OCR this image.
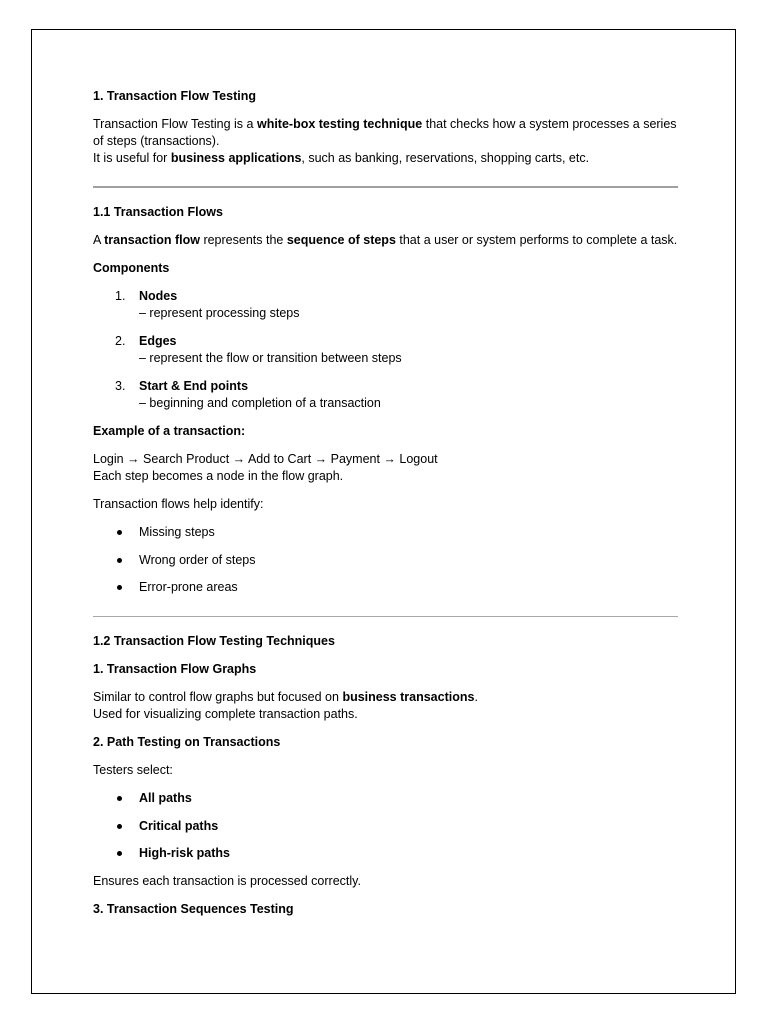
1. Transaction Flow Testing

Transaction Flow Testing is a white-box testing technique that checks how a system processes a series of steps (transactions).
It is useful for business applications, such as banking, reservations, shopping carts, etc.

1.1 Transaction Flows

A transaction flow represents the sequence of steps that a user or system performs to complete a task.

Components
1. Nodes
– represent processing steps
2. Edges
– represent the flow or transition between steps
3. Start & End points
– beginning and completion of a transaction
Example of a transaction:

Login → Search Product → Add to Cart → Payment → Logout
Each step becomes a node in the flow graph.

Transaction flows help identify:

Missing steps
Wrong order of steps
Error-prone areas
1.2 Transaction Flow Testing Techniques
1. Transaction Flow Graphs

Similar to control flow graphs but focused on business transactions.
Used for visualizing complete transaction paths.

2. Path Testing on Transactions

Testers select:

All paths
Critical paths
High-risk paths

Ensures each transaction is processed correctly.

3. Transaction Sequences Testing
